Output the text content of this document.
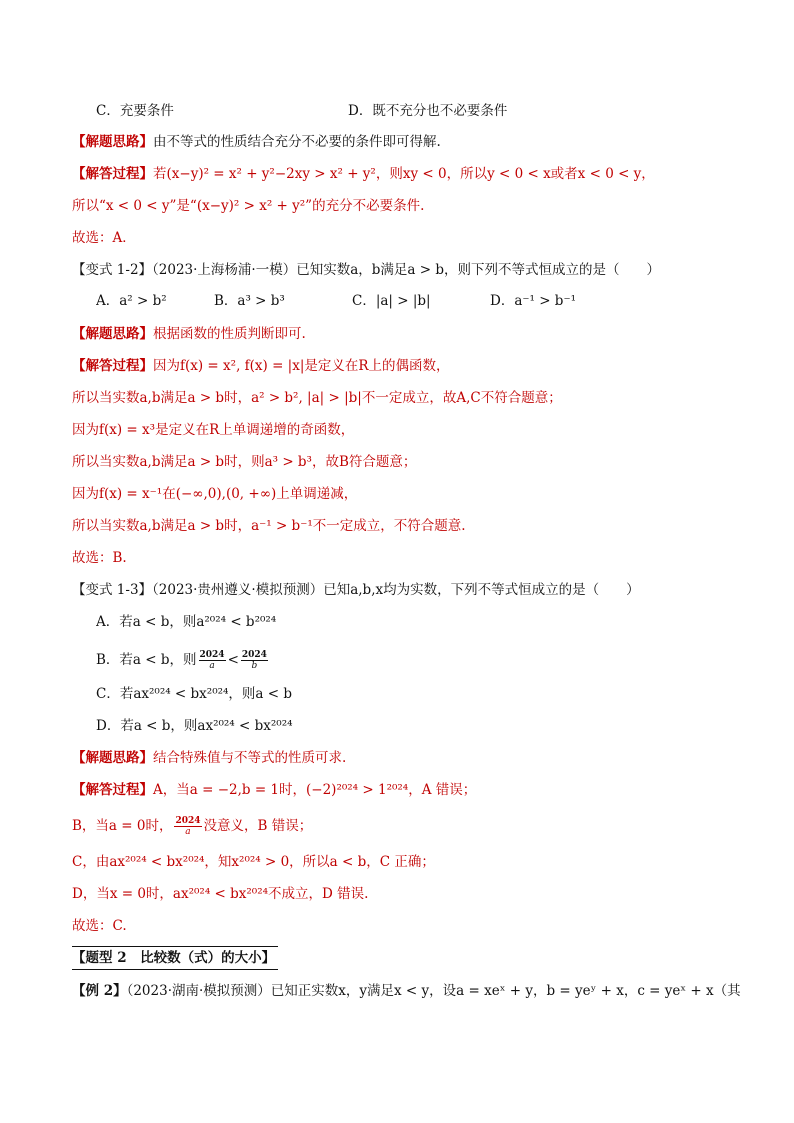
C．充要条件	D．既不充分也不必要条件
【解题思路】由不等式的性质结合充分不必要的条件即可得解.
【解答过程】若(x−y)² = x² + y²−2xy > x² + y²，则xy < 0，所以y < 0 < x或者x < 0 < y，
所以“x < 0 < y”是“(x−y)² > x² + y²”的充分不必要条件.
故选：A．
【变式 1-2】（2023·上海杨浦·一模）已知实数a，b满足a > b，则下列不等式恒成立的是（　　）
A．a² > b²	B．a³ > b³	C．|a| > |b|	D．a⁻¹ > b⁻¹
【解题思路】根据函数的性质判断即可.
【解答过程】因为f(x) = x², f(x) = |x|是定义在R上的偶函数，
所以当实数a,b满足a > b时，a² > b², |a| > |b|不一定成立，故A,C不符合题意；
因为f(x) = x³是定义在R上单调递增的奇函数，
所以当实数a,b满足a > b时，则a³ > b³，故B符合题意；
因为f(x) = x⁻¹在(−∞,0),(0, +∞)上单调递减，
所以当实数a,b满足a > b时，a⁻¹ > b⁻¹不一定成立，不符合题意.
故选：B.
【变式 1-3】（2023·贵州遵义·模拟预测）已知a,b,x均为实数，下列不等式恒成立的是（　　）
A．若a < b，则a²⁰²⁴ < b²⁰²⁴
B．若a < b，则 $\frac{2024}{a} < \frac{2024}{b}$
C．若ax²⁰²⁴ < bx²⁰²⁴，则a < b
D．若a < b，则ax²⁰²⁴ < bx²⁰²⁴
【解题思路】结合特殊值与不等式的性质可求.
【解答过程】A，当a = −2,b = 1时，(−2)²⁰²⁴ > 1²⁰²⁴，A 错误；
B，当a = 0时， $\frac{2024}{a}$ 没意义，B 错误；
C，由ax²⁰²⁴ < bx²⁰²⁴，知x²⁰²⁴ > 0，所以a < b，C 正确；
D，当x = 0时，ax²⁰²⁴ < bx²⁰²⁴不成立，D 错误.
故选：C.
【题型 2　比较数（式）的大小】
【例 2】（2023·湖南·模拟预测）已知正实数x，y满足x < y，设a = xeˣ + y，b = yeʸ + x，c = yeˣ + x（其
